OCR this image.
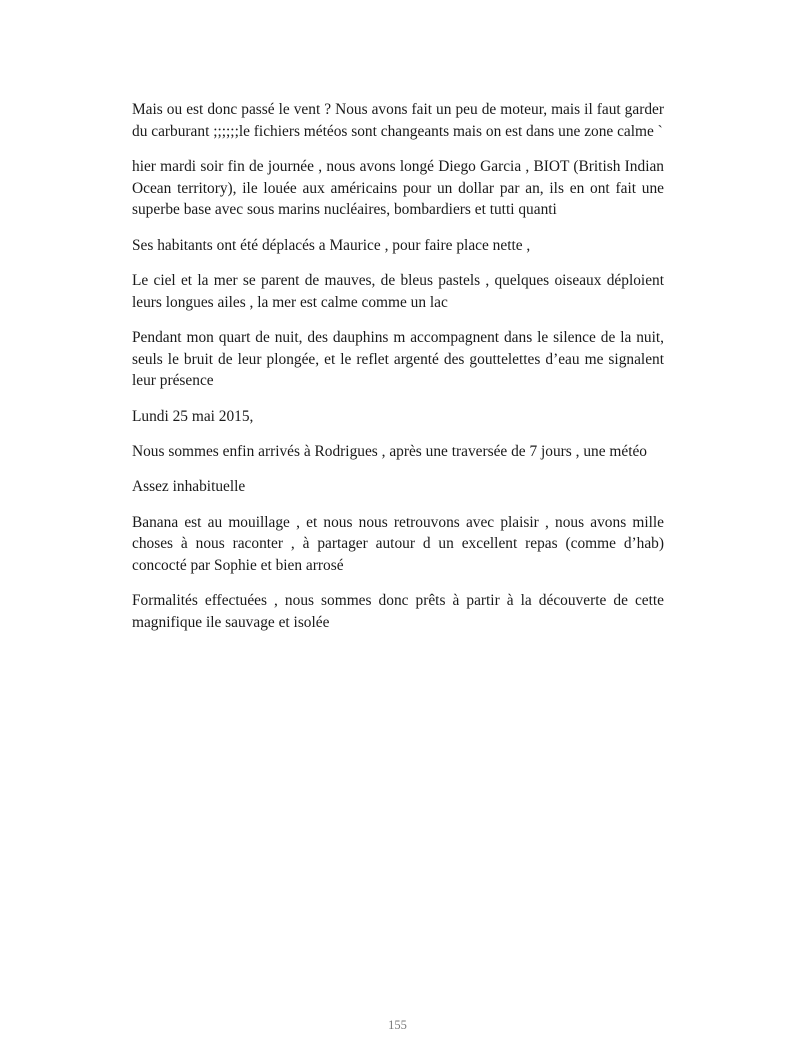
Mais ou est donc passé le vent ? Nous avons fait un peu de moteur, mais il faut garder du carburant ;;;;;;le fichiers météos sont changeants mais on est dans une zone calme `

hier mardi soir fin de journée , nous avons longé Diego Garcia , BIOT (British Indian Ocean territory), ile louée aux américains pour un dollar par an, ils en ont fait une superbe base avec sous marins nucléaires, bombardiers et tutti quanti

Ses habitants ont été déplacés a Maurice , pour faire place nette ,

Le ciel et la mer se parent de mauves, de bleus pastels , quelques oiseaux déploient leurs longues ailes , la mer est calme comme un lac

Pendant mon quart de nuit, des dauphins m accompagnent dans le silence de la nuit, seuls le bruit de leur plongée, et le reflet argenté des gouttelettes d’eau me signalent leur présence

Lundi 25 mai 2015,

Nous sommes enfin arrivés à Rodrigues , après une traversée de 7 jours , une météo

Assez inhabituelle

Banana est au mouillage , et nous nous retrouvons avec plaisir , nous avons mille choses à nous raconter , à partager autour d un excellent repas (comme d’hab) concocté par Sophie et bien arrosé

Formalités effectuées , nous sommes donc prêts à partir à la découverte de cette magnifique ile sauvage et isolée

155
